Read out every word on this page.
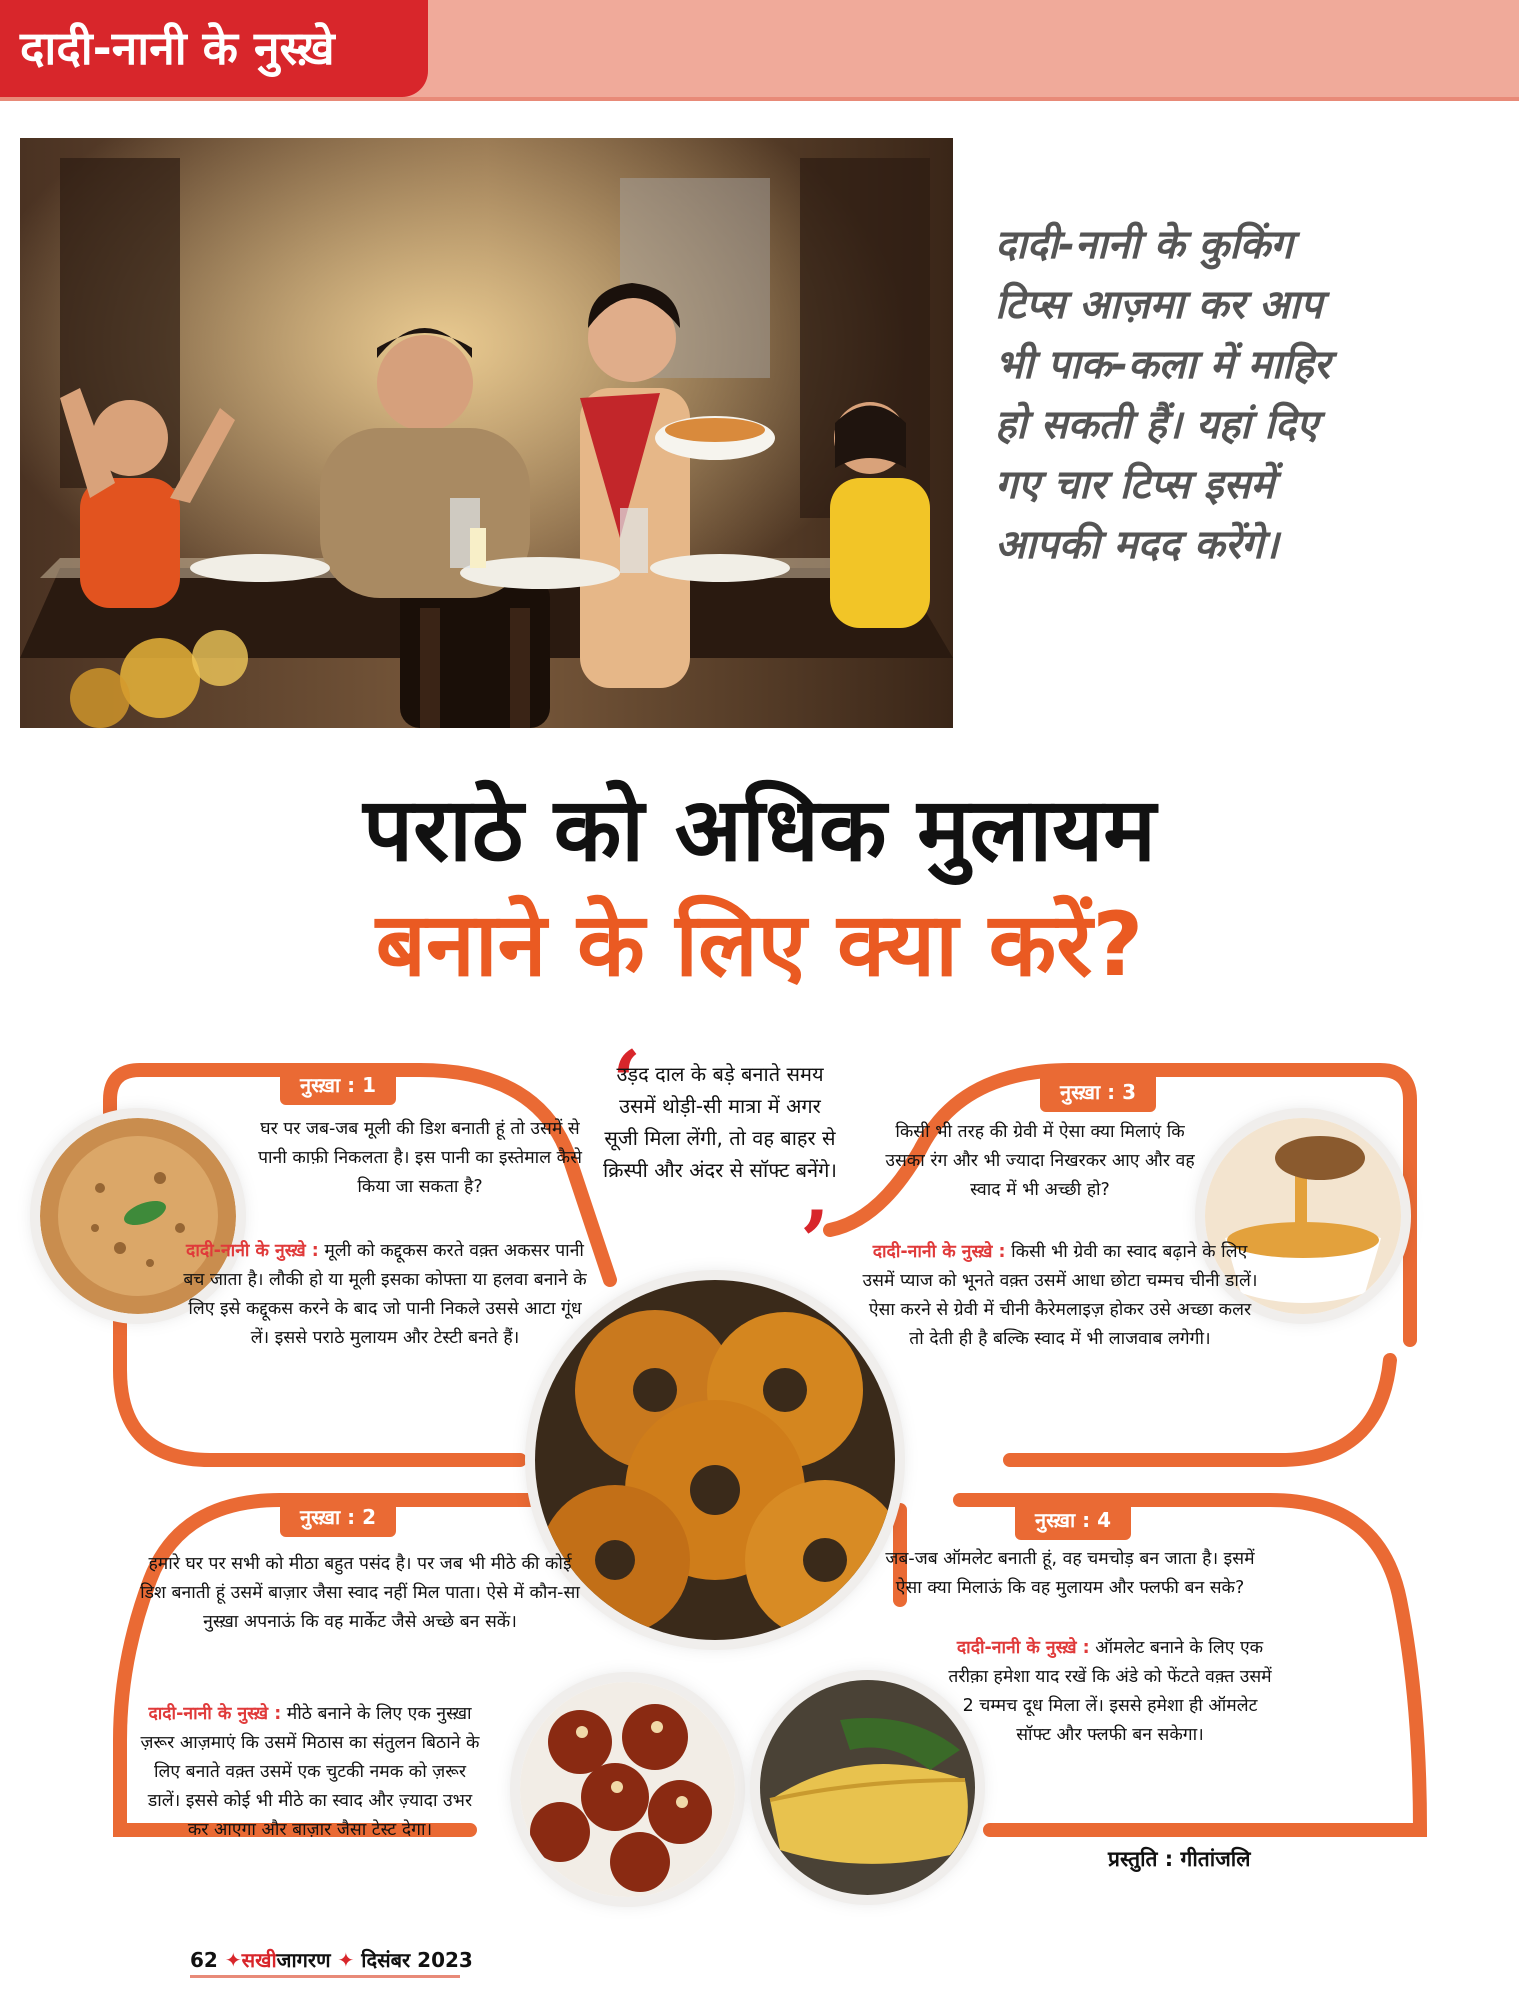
दादी-नानी के नुस्ख़े
दादी-नानी के कुकिंग टिप्स आज़मा कर आप भी पाक-कला में माहिर हो सकती हैं। यहां दिए गए चार टिप्स इसमें आपकी मदद करेंगे।
पराठे को अधिक मुलायम
बनाने के लिए क्या करें?
नुस्ख़ा : 1
घर पर जब-जब मूली की डिश बनाती हूं तो उसमें से पानी काफ़ी निकलता है। इस पानी का इस्तेमाल कैसे किया जा सकता है?
दादी-नानी के नुस्ख़े : मूली को कद्दूकस करते वक़्त अकसर पानी बच जाता है। लौकी हो या मूली इसका कोफ्ता या हलवा बनाने के लिए इसे कद्दूकस करने के बाद जो पानी निकले उससे आटा गूंध लें। इससे पराठे मुलायम और टेस्टी बनते हैं।
‘
उड़द दाल के बड़े बनाते समय उसमें थोड़ी-सी मात्रा में अगर सूजी मिला लेंगी, तो वह बाहर से क्रिस्पी और अंदर से सॉफ्ट बनेंगे।
’
नुस्ख़ा : 3
किसी भी तरह की ग्रेवी में ऐसा क्या मिलाएं कि उसका रंग और भी ज्यादा निखरकर आए और वह स्वाद में भी अच्छी हो?
दादी-नानी के नुस्ख़े : किसी भी ग्रेवी का स्वाद बढ़ाने के लिए उसमें प्याज को भूनते वक़्त उसमें आधा छोटा चम्मच चीनी डालें। ऐसा करने से ग्रेवी में चीनी कैरेमलाइज़ होकर उसे अच्छा कलर तो देती ही है बल्कि स्वाद में भी लाजवाब लगेगी।
नुस्ख़ा : 2
हमारे घर पर सभी को मीठा बहुत पसंद है। पर जब भी मीठे की कोई डिश बनाती हूं उसमें बाज़ार जैसा स्वाद नहीं मिल पाता। ऐसे में कौन-सा नुस्ख़ा अपनाऊं कि वह मार्केट जैसे अच्छे बन सकें।
दादी-नानी के नुस्ख़े : मीठे बनाने के लिए एक नुस्ख़ा ज़रूर आज़माएं कि उसमें मिठास का संतुलन बिठाने के लिए बनाते वक़्त उसमें एक चुटकी नमक को ज़रूर डालें। इससे कोई भी मीठे का स्वाद और ज़्यादा उभर कर आएगा और बाज़ार जैसा टेस्ट देगा।
नुस्ख़ा : 4
जब-जब ऑमलेट बनाती हूं, वह चमचोड़ बन जाता है। इसमें ऐसा क्या मिलाऊं कि वह मुलायम और फ्लफी बन सके?
दादी-नानी के नुस्ख़े : ऑमलेट बनाने के लिए एक तरीक़ा हमेशा याद रखें कि अंडे को फेंटते वक़्त उसमें 2 चम्मच दूध मिला लें। इससे हमेशा ही ऑमलेट सॉफ्ट और फ्लफी बन सकेगा।
प्रस्तुति : गीतांजलि
62 ✦सखीजागरण ✦ दिसंबर 2023
